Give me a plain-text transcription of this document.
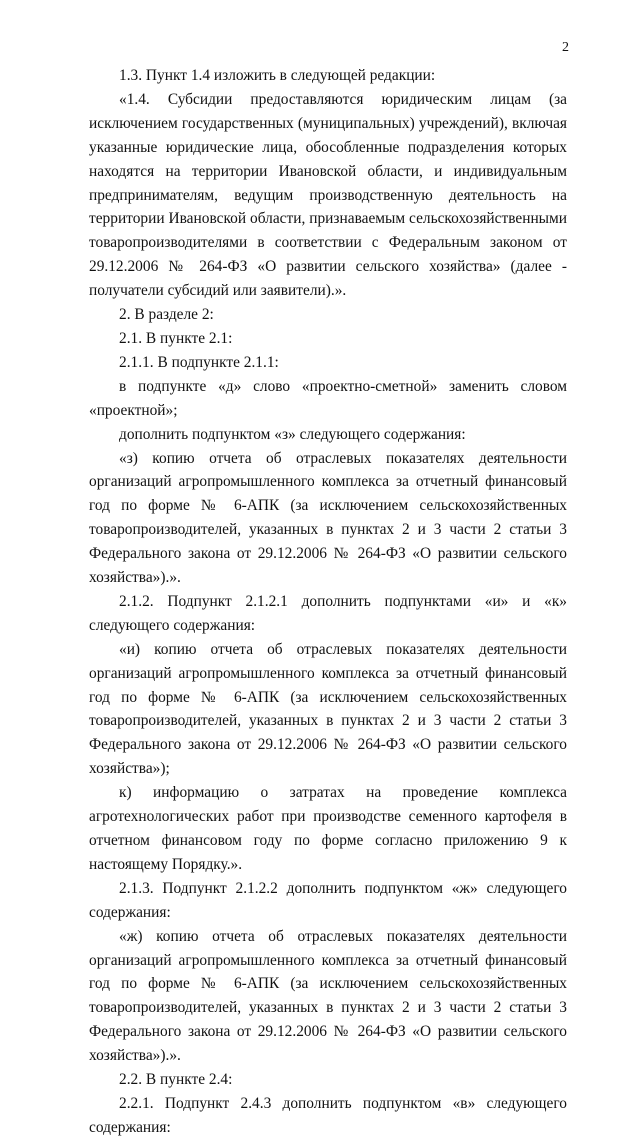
2

1.3. Пункт 1.4 изложить в следующей редакции:

«1.4. Субсидии предоставляются юридическим лицам (за исключением государственных (муниципальных) учреждений), включая указанные юридические лица, обособленные подразделения которых находятся на территории Ивановской области, и индивидуальным предпринимателям, ведущим производственную деятельность на территории Ивановской области, признаваемым сельскохозяйственными товаропроизводителями в соответствии с Федеральным законом от 29.12.2006 № 264-ФЗ «О развитии сельского хозяйства» (далее - получатели субсидий или заявители).».

2. В разделе 2:

2.1. В пункте 2.1:

2.1.1. В подпункте 2.1.1:

в подпункте «д» слово «проектно-сметной» заменить словом «проектной»;

дополнить подпунктом «з» следующего содержания:

«з) копию отчета об отраслевых показателях деятельности организаций агропромышленного комплекса за отчетный финансовый год по форме № 6-АПК (за исключением сельскохозяйственных товаропроизводителей, указанных в пунктах 2 и 3 части 2 статьи 3 Федерального закона от 29.12.2006 № 264-ФЗ «О развитии сельского хозяйства»).».

2.1.2. Подпункт 2.1.2.1 дополнить подпунктами «и» и «к» следующего содержания:

«и) копию отчета об отраслевых показателях деятельности организаций агропромышленного комплекса за отчетный финансовый год по форме № 6-АПК (за исключением сельскохозяйственных товаропроизводителей, указанных в пунктах 2 и 3 части 2 статьи 3 Федерального закона от 29.12.2006 № 264-ФЗ «О развитии сельского хозяйства»);

к) информацию о затратах на проведение комплекса агротехнологических работ при производстве семенного картофеля в отчетном финансовом году по форме согласно приложению 9 к настоящему Порядку.».

2.1.3. Подпункт 2.1.2.2 дополнить подпунктом «ж» следующего содержания:

«ж) копию отчета об отраслевых показателях деятельности организаций агропромышленного комплекса за отчетный финансовый год по форме № 6-АПК (за исключением сельскохозяйственных товаропроизводителей, указанных в пунктах 2 и 3 части 2 статьи 3 Федерального закона от 29.12.2006 № 264-ФЗ «О развитии сельского хозяйства»).».

2.2. В пункте 2.4:

2.2.1. Подпункт 2.4.3 дополнить подпунктом «в» следующего содержания:
